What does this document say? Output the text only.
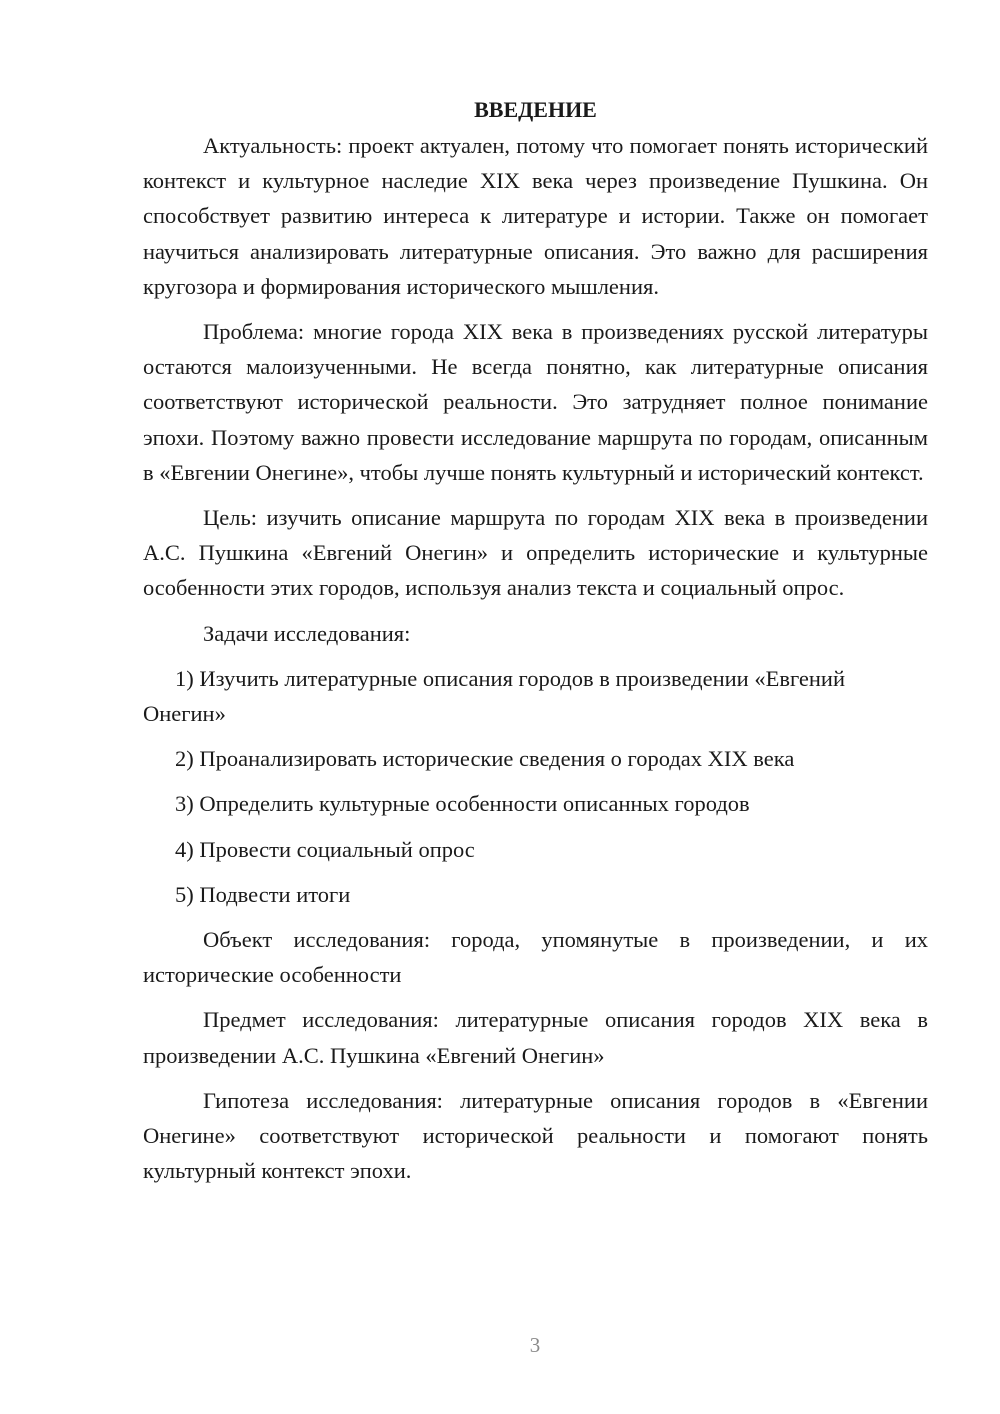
ВВЕДЕНИЕ

Актуальность: проект актуален, потому что помогает понять исторический контекст и культурное наследие XIX века через произведение Пушкина. Он способствует развитию интереса к литературе и истории. Также он помогает научиться анализировать литературные описания. Это важно для расширения кругозора и формирования исторического мышления.

Проблема: многие города XIX века в произведениях русской литературы остаются малоизученными. Не всегда понятно, как литературные описания соответствуют исторической реальности. Это затрудняет полное понимание эпохи. Поэтому важно провести исследование маршрута по городам, описанным в «Евгении Онегине», чтобы лучше понять культурный и исторический контекст.

Цель: изучить описание маршрута по городам XIX века в произведении А.С. Пушкина «Евгений Онегин» и определить исторические и культурные особенности этих городов, используя анализ текста и социальный опрос.

Задачи исследования:

1) Изучить литературные описания городов в произведении «Евгений Онегин»

2) Проанализировать исторические сведения о городах XIX века

3) Определить культурные особенности описанных городов

4) Провести социальный опрос

5) Подвести итоги

Объект исследования: города, упомянутые в произведении, и их исторические особенности

Предмет исследования: литературные описания городов XIX века в произведении А.С. Пушкина «Евгений Онегин»

Гипотеза исследования: литературные описания городов в «Евгении Онегине» соответствуют исторической реальности и помогают понять культурный контекст эпохи.

3
